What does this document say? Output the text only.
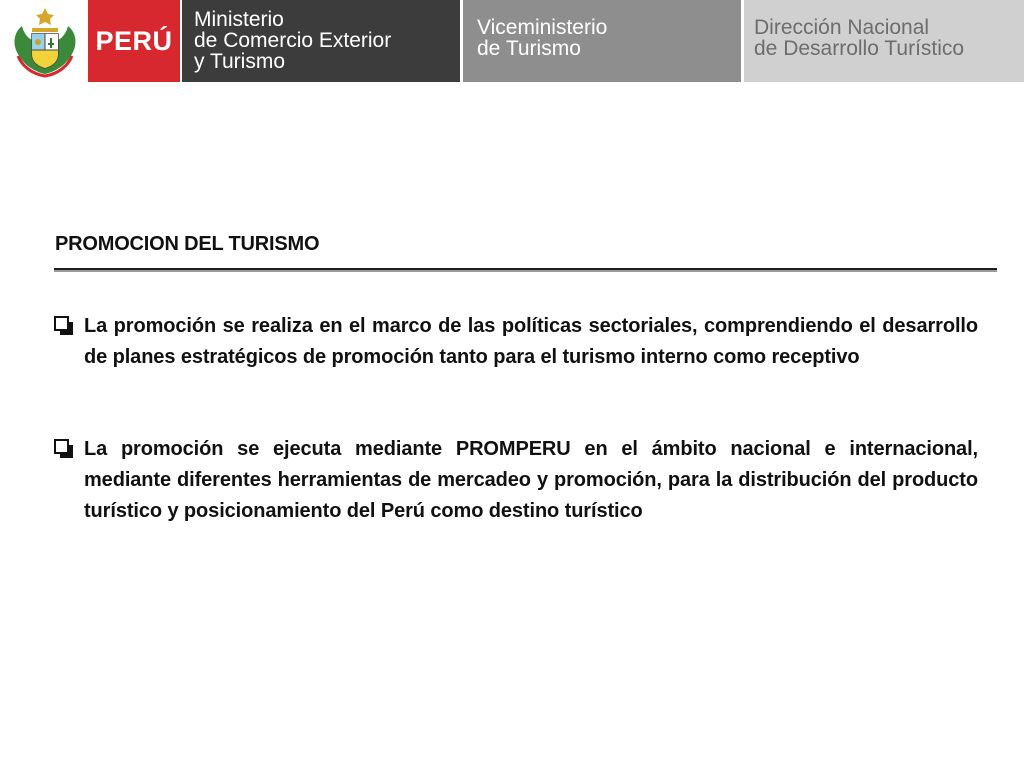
PERÚ
Ministerio
de Comercio Exterior
y Turismo
Viceministerio
de Turismo
Dirección Nacional
de Desarrollo Turístico
PROMOCION DEL TURISMO
La promoción se realiza en el marco de las políticas sectoriales, comprendiendo el desarrollo de planes estratégicos de promoción tanto para el turismo interno como receptivo
La promoción se ejecuta mediante PROMPERU en el ámbito nacional e internacional, mediante diferentes herramientas de mercadeo y promoción, para la distribución del producto turístico y posicionamiento del Perú como destino turístico
